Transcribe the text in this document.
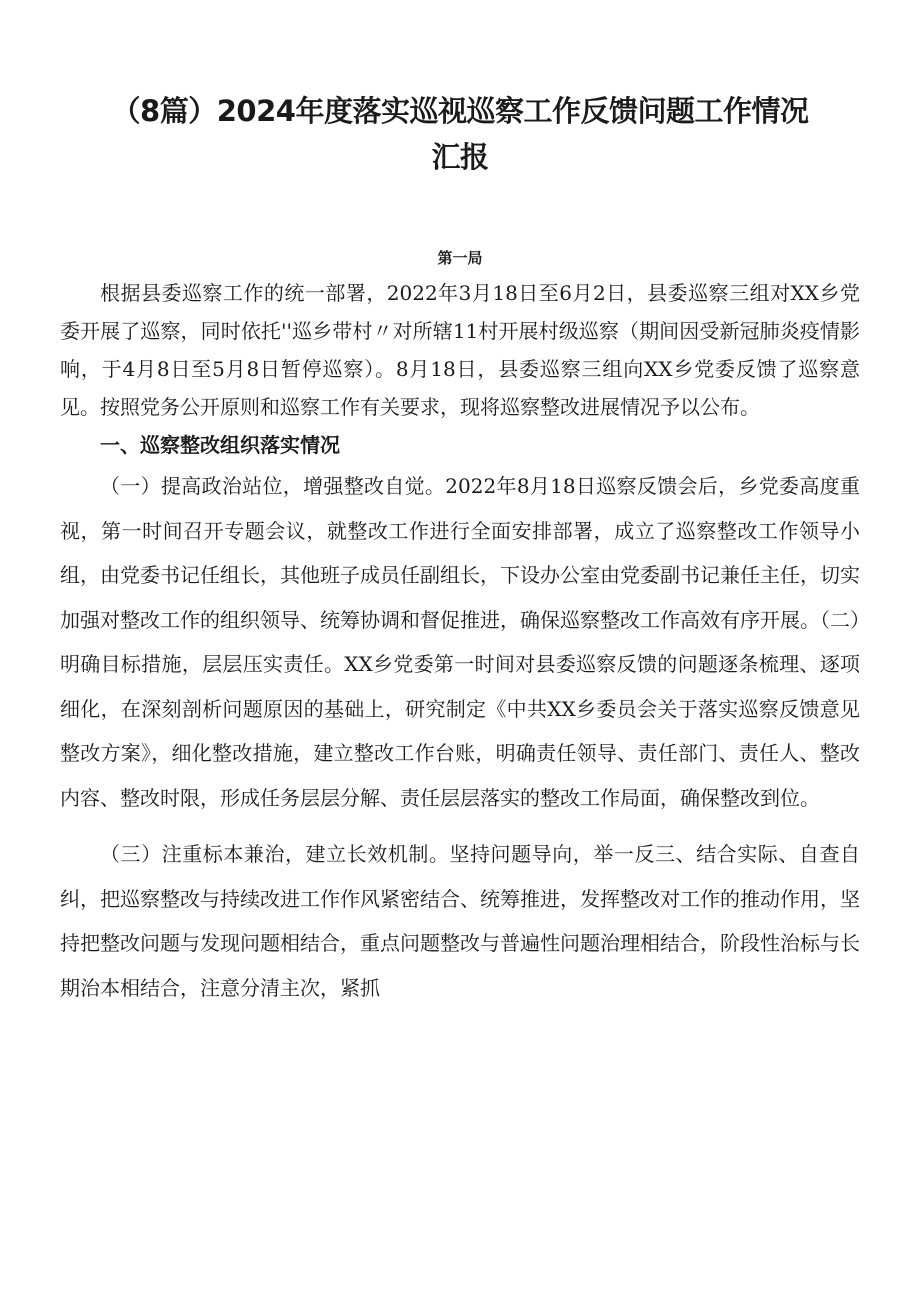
（8篇）2024年度落实巡视巡察工作反馈问题工作情况
汇报
第一局

根据县委巡察工作的统一部署，2022年3月18日至6月2日，县委巡察三组对XX乡党委开展了巡察，同时依托''巡乡带村〃对所辖11村开展村级巡察（期间因受新冠肺炎疫情影响，于4月8日至5月8日暂停巡察）。8月18日，县委巡察三组向XX乡党委反馈了巡察意见。按照党务公开原则和巡察工作有关要求，现将巡察整改进展情况予以公布。

一、巡察整改组织落实情况

（一）提高政治站位，增强整改自觉。2022年8月18日巡察反馈会后，乡党委高度重视，第一时间召开专题会议，就整改工作进行全面安排部署，成立了巡察整改工作领导小组，由党委书记任组长，其他班子成员任副组长，下设办公室由党委副书记兼任主任，切实加强对整改工作的组织领导、统筹协调和督促推进，确保巡察整改工作高效有序开展。（二）明确目标措施，层层压实责任。XX乡党委第一时间对县委巡察反馈的问题逐条梳理、逐项细化，在深刻剖析问题原因的基础上，研究制定《中共XX乡委员会关于落实巡察反馈意见整改方案》，细化整改措施，建立整改工作台账，明确责任领导、责任部门、责任人、整改内容、整改时限，形成任务层层分解、责任层层落实的整改工作局面，确保整改到位。

（三）注重标本兼治，建立长效机制。坚持问题导向，举一反三、结合实际、自查自纠，把巡察整改与持续改进工作作风紧密结合、统筹推进，发挥整改对工作的推动作用，坚持把整改问题与发现问题相结合，重点问题整改与普遍性问题治理相结合，阶段性治标与长期治本相结合，注意分清主次，紧抓
